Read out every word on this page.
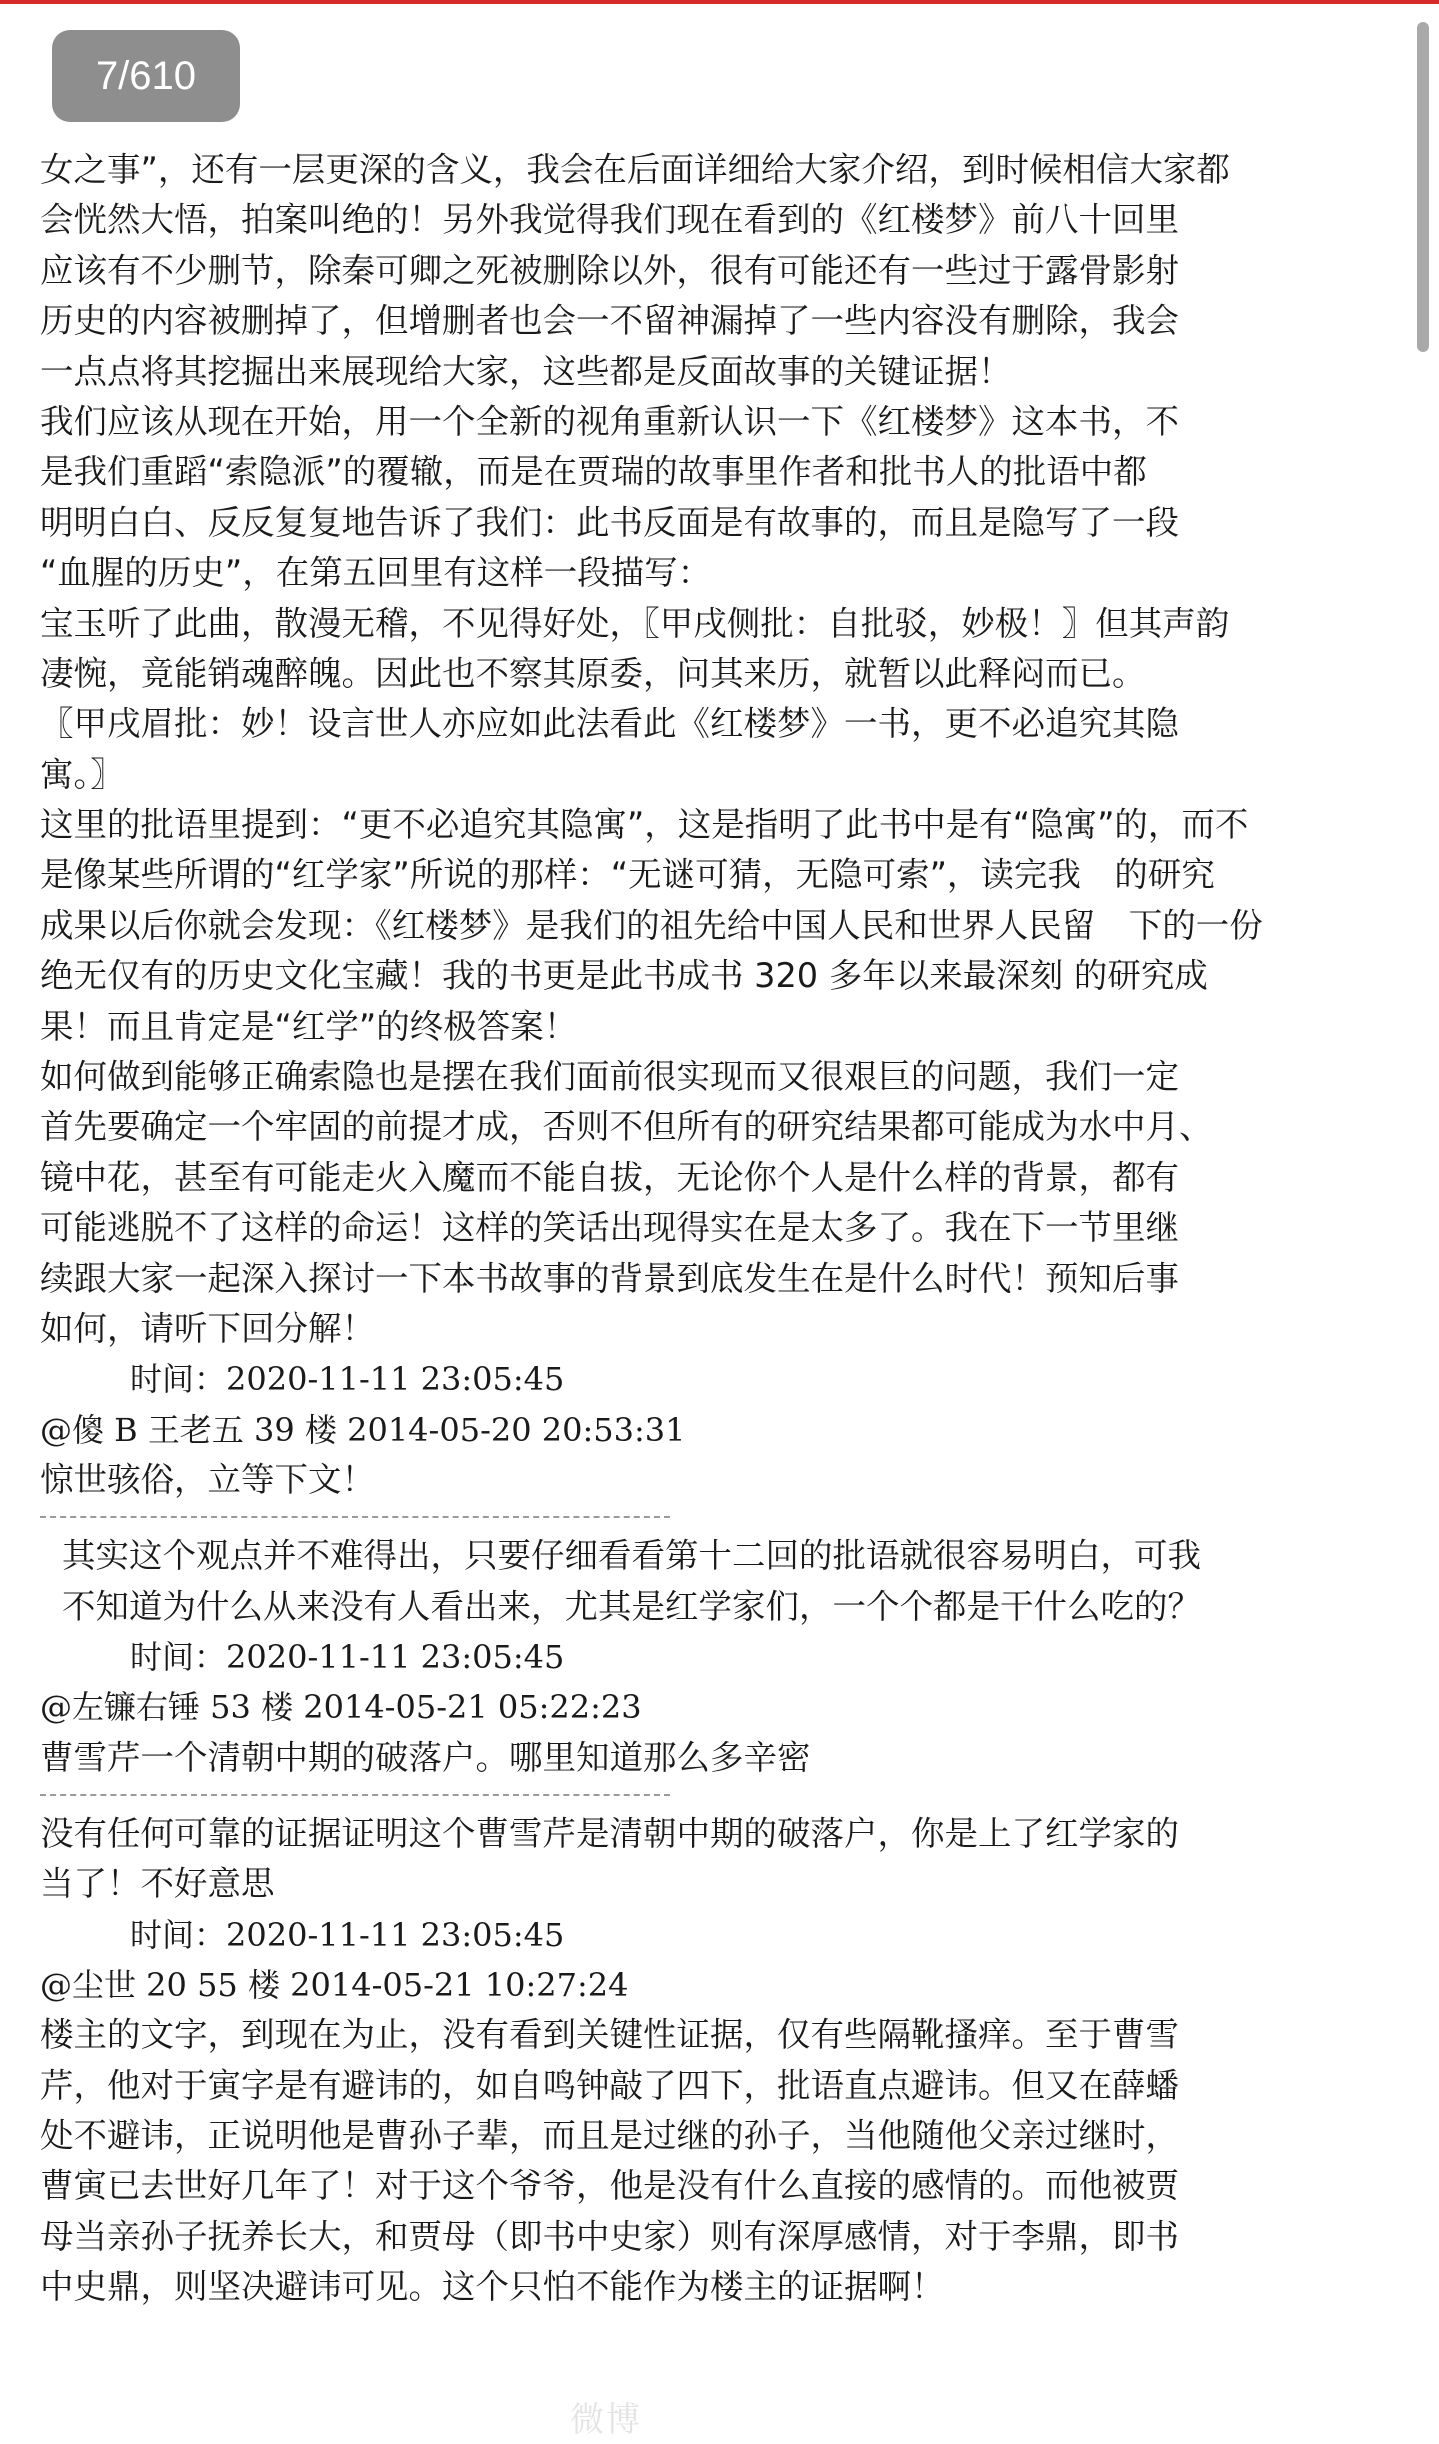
7/610
女之事”，还有一层更深的含义，我会在后面详细给大家介绍，到时候相信大家都
会恍然大悟，拍案叫绝的！另外我觉得我们现在看到的《红楼梦》前八十回里
应该有不少删节，除秦可卿之死被删除以外，很有可能还有一些过于露骨影射
历史的内容被删掉了，但增删者也会一不留神漏掉了一些内容没有删除，我会
一点点将其挖掘出来展现给大家，这些都是反面故事的关键证据！
我们应该从现在开始，用一个全新的视角重新认识一下《红楼梦》这本书，不
是我们重蹈“索隐派”的覆辙，而是在贾瑞的故事里作者和批书人的批语中都
明明白白、反反复复地告诉了我们：此书反面是有故事的，而且是隐写了一段
“血腥的历史”，在第五回里有这样一段描写：
宝玉听了此曲，散漫无稽，不见得好处，〖甲戌侧批：自批驳，妙极！〗但其声韵
凄惋，竟能销魂醉魄。因此也不察其原委，问其来历，就暂以此释闷而已。
〖甲戌眉批：妙！设言世人亦应如此法看此《红楼梦》一书，更不必追究其隐
寓。〗
这里的批语里提到：“更不必追究其隐寓”，这是指明了此书中是有“隐寓”的，而不
是像某些所谓的“红学家”所说的那样：“无谜可猜，无隐可索”，读完我　的研究
成果以后你就会发现：《红楼梦》是我们的祖先给中国人民和世界人民留　下的一份
绝无仅有的历史文化宝藏！我的书更是此书成书 320 多年以来最深刻 的研究成
果！而且肯定是“红学”的终极答案！
如何做到能够正确索隐也是摆在我们面前很实现而又很艰巨的问题，我们一定
首先要确定一个牢固的前提才成，否则不但所有的研究结果都可能成为水中月、
镜中花，甚至有可能走火入魔而不能自拔，无论你个人是什么样的背景，都有
可能逃脱不了这样的命运！这样的笑话出现得实在是太多了。我在下一节里继
续跟大家一起深入探讨一下本书故事的背景到底发生在是什么时代！预知后事
如何，请听下回分解！
时间：2020-11-11 23:05:45
@傻 B 王老五 39 楼 2014-05-20 20:53:31
惊世骇俗，立等下文！
其实这个观点并不难得出，只要仔细看看第十二回的批语就很容易明白，可我
不知道为什么从来没有人看出来，尤其是红学家们，一个个都是干什么吃的？
时间：2020-11-11 23:05:45
@左镰右锤 53 楼 2014-05-21 05:22:23
曹雪芹一个清朝中期的破落户。哪里知道那么多辛密
没有任何可靠的证据证明这个曹雪芹是清朝中期的破落户，你是上了红学家的
当了！不好意思
时间：2020-11-11 23:05:45
@尘世 20 55 楼 2014-05-21 10:27:24
楼主的文字，到现在为止，没有看到关键性证据，仅有些隔靴搔痒。至于曹雪
芹，他对于寅字是有避讳的，如自鸣钟敲了四下，批语直点避讳。但又在薛蟠
处不避讳，正说明他是曹孙子辈，而且是过继的孙子，当他随他父亲过继时，
曹寅已去世好几年了！对于这个爷爷，他是没有什么直接的感情的。而他被贾
母当亲孙子抚养长大，和贾母（即书中史家）则有深厚感情，对于李鼎，即书
中史鼎，则坚决避讳可见。这个只怕不能作为楼主的证据啊！
微博
